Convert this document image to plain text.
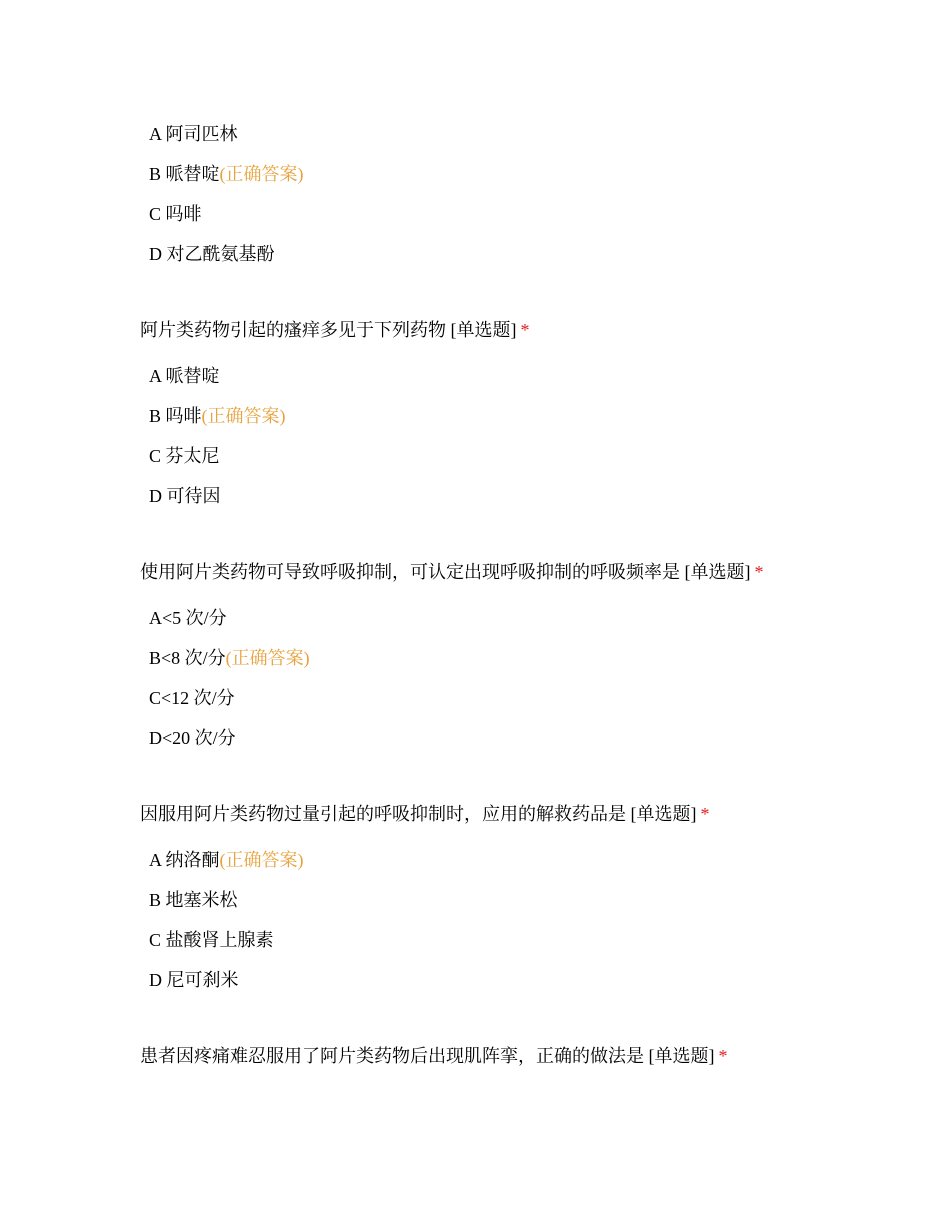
A 阿司匹林
B 哌替啶(正确答案)
C 吗啡
D 对乙酰氨基酚
阿片类药物引起的瘙痒多见于下列药物 [单选题] *
A 哌替啶
B 吗啡(正确答案)
C 芬太尼
D 可待因
使用阿片类药物可导致呼吸抑制，可认定出现呼吸抑制的呼吸频率是 [单选题] *
A<5 次/分
B<8 次/分(正确答案)
C<12 次/分
D<20 次/分
因服用阿片类药物过量引起的呼吸抑制时，应用的解救药品是 [单选题] *
A 纳洛酮(正确答案)
B 地塞米松
C 盐酸肾上腺素
D 尼可刹米
患者因疼痛难忍服用了阿片类药物后出现肌阵挛，正确的做法是 [单选题] *
